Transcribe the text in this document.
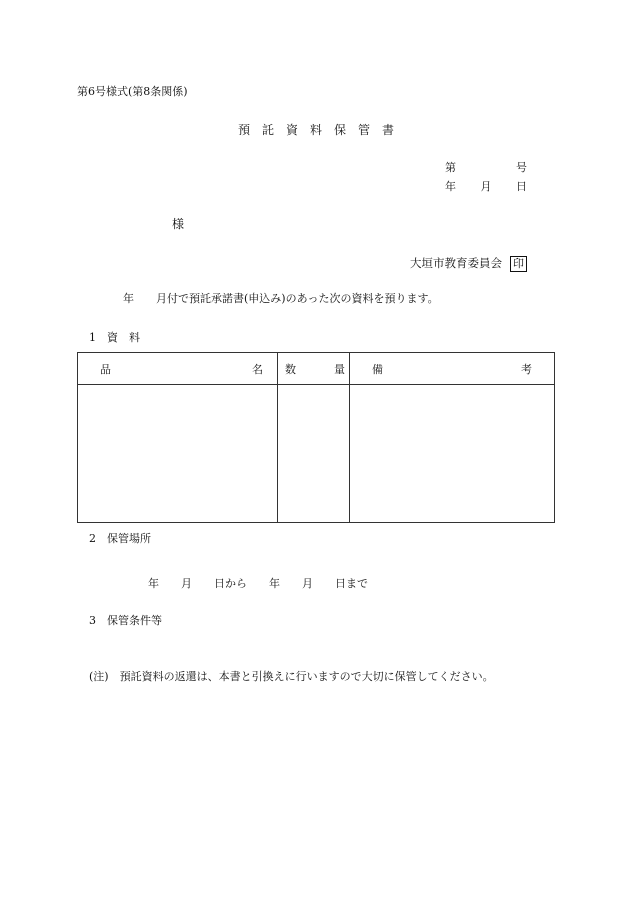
第6号様式(第8条関係)
預　託　資　料　保　管　書
第	号
年 月 日
様
大垣市教育委員会 印
年　　月付で預託承諾書(申込み)のあった次の資料を預ります。
1　資　料
品 名	数 量	備 考

2　保管場所
年　　月　　日から　　年　　月　　日まで
3　保管条件等
(注)　預託資料の返還は、本書と引換えに行いますので大切に保管してください。
